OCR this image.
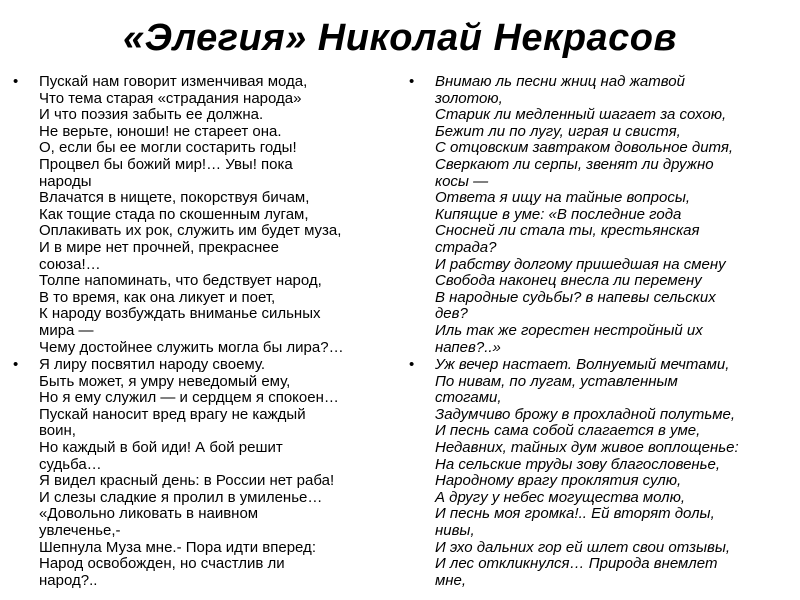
«Элегия» Николай Некрасов
• Пускай нам говорит изменчивая мода,
Что тема старая «страдания народа»
И что поэзия забыть ее должна.
Не верьте, юноши! не стареет она.
О, если бы ее могли состарить годы!
Процвел бы божий мир!… Увы! пока
народы
Влачатся в нищете, покорствуя бичам,
Как тощие стада по скошенным лугам,
Оплакивать их рок, служить им будет муза,
И в мире нет прочней, прекраснее
союза!…
Толпе напоминать, что бедствует народ,
В то время, как она ликует и поет,
К народу возбуждать вниманье сильных
мира —
Чему достойнее служить могла бы лира?…
• Я лиру посвятил народу своему.
Быть может, я умру неведомый ему,
Но я ему служил — и сердцем я спокоен…
Пускай наносит вред врагу не каждый
воин,
Но каждый в бой иди! А бой решит
судьба…
Я видел красный день: в России нет раба!
И слезы сладкие я пролил в умиленье…
«Довольно ликовать в наивном
увлеченье,-
Шепнула Муза мне.- Пора идти вперед:
Народ освобожден, но счастлив ли
народ?..
• Внимаю ль песни жниц над жатвой
золотою,
Старик ли медленный шагает за сохою,
Бежит ли по лугу, играя и свистя,
С отцовским завтраком довольное дитя,
Сверкают ли серпы, звенят ли дружно
косы —
Ответа я ищу на тайные вопросы,
Кипящие в уме: «В последние года
Сносней ли стала ты, крестьянская
страда?
И рабству долгому пришедшая на смену
Свобода наконец внесла ли перемену
В народные судьбы? в напевы сельских
дев?
Иль так же горестен нестройный их
напев?..»
• Уж вечер настает. Волнуемый мечтами,
По нивам, по лугам, уставленным
стогами,
Задумчиво брожу в прохладной полутьме,
И песнь сама собой слагается в уме,
Недавних, тайных дум живое воплощенье:
На сельские труды зову благословенье,
Народному врагу проклятия сулю,
А другу у небес могущества молю,
И песнь моя громка!.. Ей вторят долы,
нивы,
И эхо дальних гор ей шлет свои отзывы,
И лес откликнулся… Природа внемлет
мне,
